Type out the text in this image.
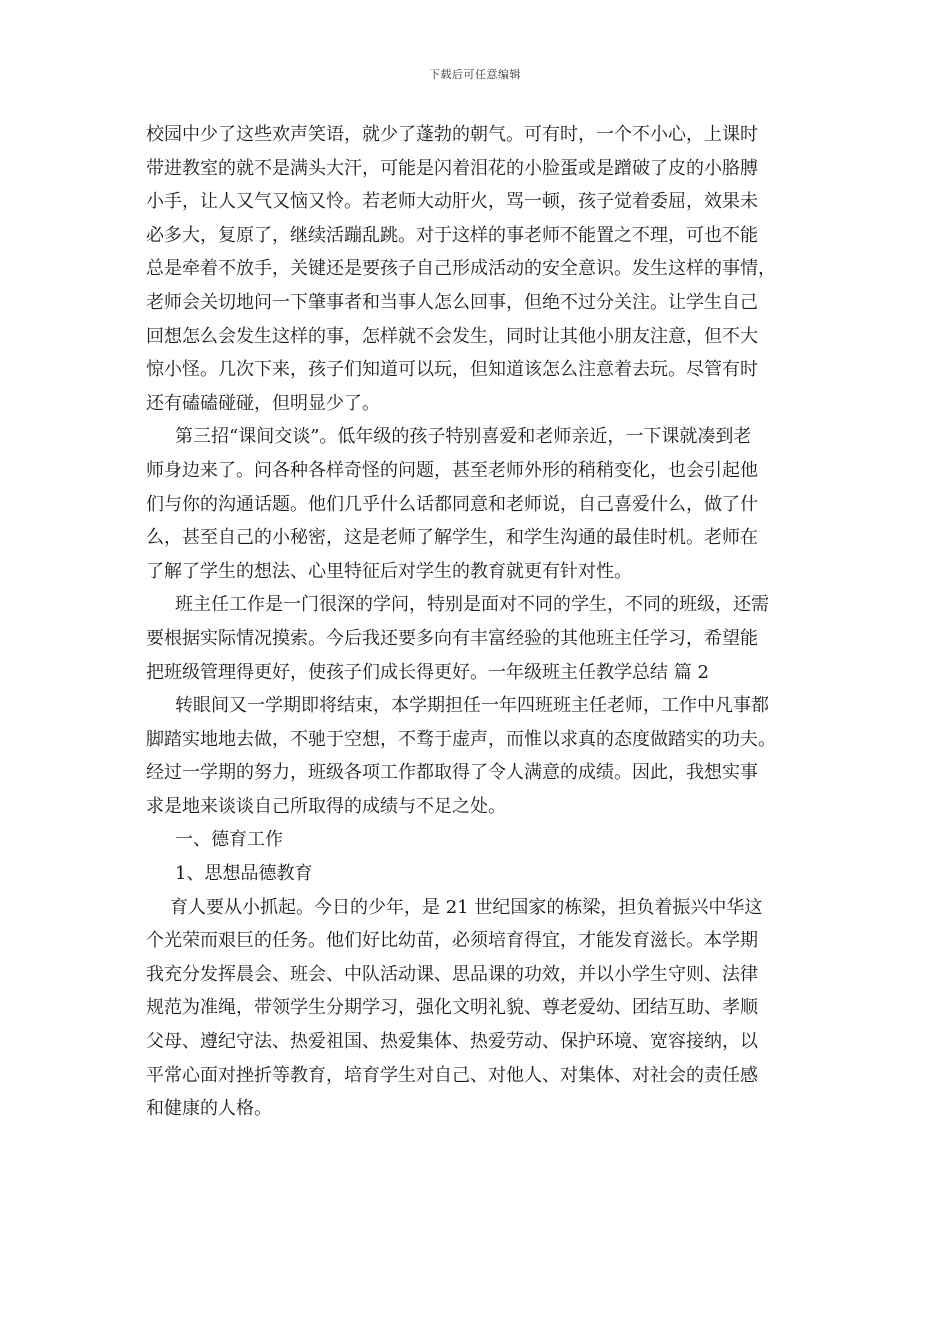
下载后可任意编辑
校园中少了这些欢声笑语，就少了蓬勃的朝气。可有时，一个不小心，上课时
带进教室的就不是满头大汗，可能是闪着泪花的小脸蛋或是蹭破了皮的小胳膊
小手，让人又气又恼又怜。若老师大动肝火，骂一顿，孩子觉着委屈，效果未
必多大，复原了，继续活蹦乱跳。对于这样的事老师不能置之不理，可也不能
总是牵着不放手，关键还是要孩子自己形成活动的安全意识。发生这样的事情，
老师会关切地问一下肇事者和当事人怎么回事，但绝不过分关注。让学生自己
回想怎么会发生这样的事，怎样就不会发生，同时让其他小朋友注意，但不大
惊小怪。几次下来，孩子们知道可以玩，但知道该怎么注意着去玩。尽管有时
还有磕磕碰碰，但明显少了。
第三招“课间交谈”。低年级的孩子特别喜爱和老师亲近，一下课就凑到老
师身边来了。问各种各样奇怪的问题，甚至老师外形的稍稍变化，也会引起他
们与你的沟通话题。他们几乎什么话都同意和老师说，自己喜爱什么，做了什
么，甚至自己的小秘密，这是老师了解学生，和学生沟通的最佳时机。老师在
了解了学生的想法、心里特征后对学生的教育就更有针对性。
班主任工作是一门很深的学问，特别是面对不同的学生，不同的班级，还需
要根据实际情况摸索。今后我还要多向有丰富经验的其他班主任学习，希望能
把班级管理得更好，使孩子们成长得更好。一年级班主任教学总结 篇 2
转眼间又一学期即将结束，本学期担任一年四班班主任老师，工作中凡事都
脚踏实地地去做，不驰于空想，不骛于虚声，而惟以求真的态度做踏实的功夫。
经过一学期的努力，班级各项工作都取得了令人满意的成绩。因此，我想实事
求是地来谈谈自己所取得的成绩与不足之处。
一、德育工作
1、思想品德教育
育人要从小抓起。今日的少年，是 21 世纪国家的栋梁，担负着振兴中华这
个光荣而艰巨的任务。他们好比幼苗，必须培育得宜，才能发育滋长。本学期
我充分发挥晨会、班会、中队活动课、思品课的功效，并以小学生守则、法律
规范为准绳，带领学生分期学习，强化文明礼貌、尊老爱幼、团结互助、孝顺
父母、遵纪守法、热爱祖国、热爱集体、热爱劳动、保护环境、宽容接纳，以
平常心面对挫折等教育，培育学生对自己、对他人、对集体、对社会的责任感
和健康的人格。
